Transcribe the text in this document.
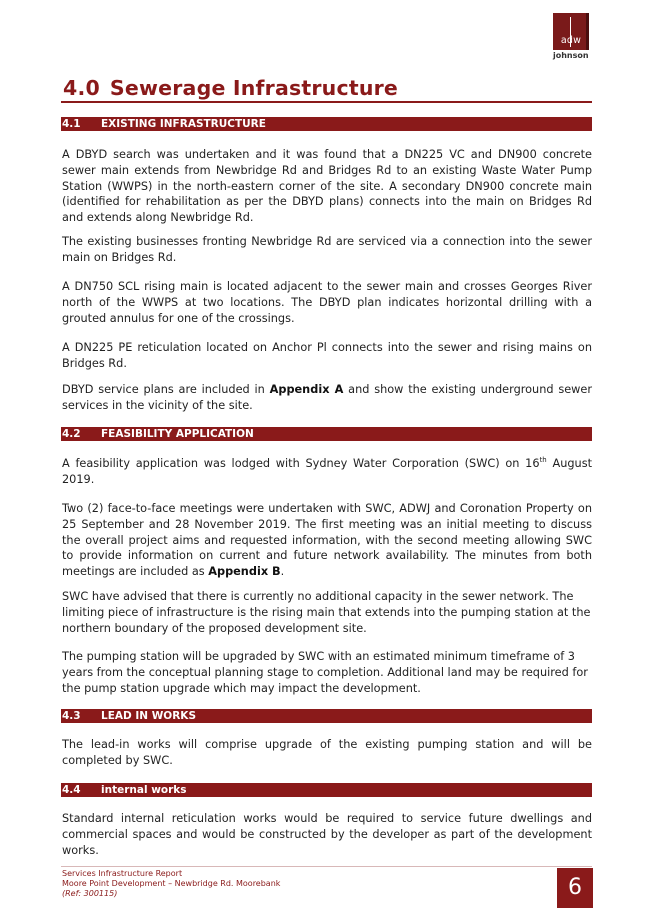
adw
johnson
4.0 Sewerage Infrastructure
4.1 EXISTING INFRASTRUCTURE
A DBYD search was undertaken and it was found that a DN225 VC and DN900 concrete sewer main extends from Newbridge Rd and Bridges Rd to an existing Waste Water Pump Station (WWPS) in the north-eastern corner of the site. A secondary DN900 concrete main (identified for rehabilitation as per the DBYD plans) connects into the main on Bridges Rd and extends along Newbridge Rd.
The existing businesses fronting Newbridge Rd are serviced via a connection into the sewer main on Bridges Rd.
A DN750 SCL rising main is located adjacent to the sewer main and crosses Georges River north of the WWPS at two locations. The DBYD plan indicates horizontal drilling with a grouted annulus for one of the crossings.
A DN225 PE reticulation located on Anchor Pl connects into the sewer and rising mains on Bridges Rd.
DBYD service plans are included in Appendix A and show the existing underground sewer services in the vicinity of the site.
4.2 FEASIBILITY APPLICATION
A feasibility application was lodged with Sydney Water Corporation (SWC) on 16th August 2019.
Two (2) face-to-face meetings were undertaken with SWC, ADWJ and Coronation Property on 25 September and 28 November 2019. The first meeting was an initial meeting to discuss the overall project aims and requested information, with the second meeting allowing SWC to provide information on current and future network availability. The minutes from both meetings are included as Appendix B.
SWC have advised that there is currently no additional capacity in the sewer network. The limiting piece of infrastructure is the rising main that extends into the pumping station at the northern boundary of the proposed development site.
The pumping station will be upgraded by SWC with an estimated minimum timeframe of 3 years from the conceptual planning stage to completion. Additional land may be required for the pump station upgrade which may impact the development.
4.3 LEAD IN WORKS
The lead-in works will comprise upgrade of the existing pumping station and will be completed by SWC.
4.4 internal works
Standard internal reticulation works would be required to service future dwellings and commercial spaces and would be constructed by the developer as part of the development works.
Services Infrastructure Report
Moore Point Development – Newbridge Rd. Moorebank
(Ref: 300115)	6
